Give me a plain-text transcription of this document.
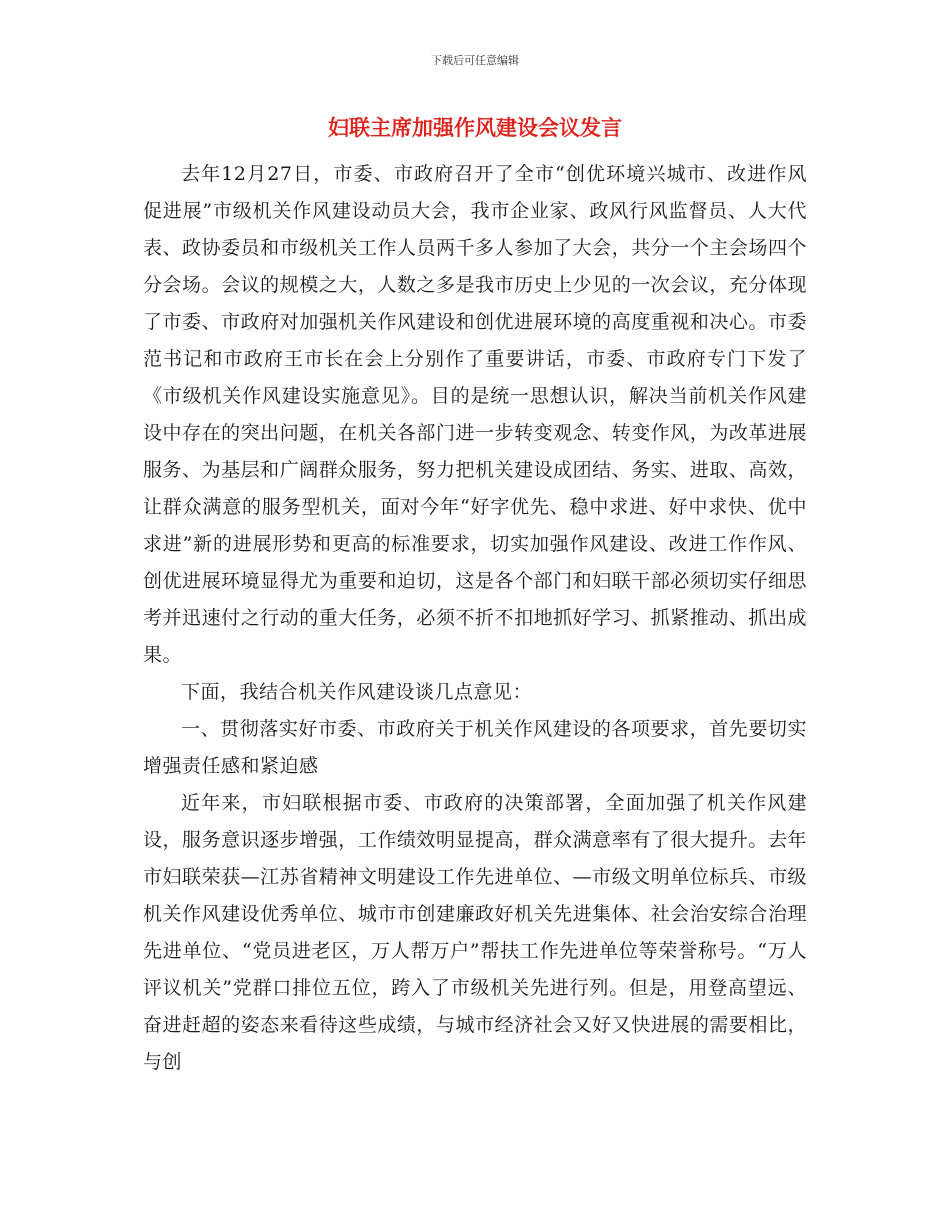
下载后可任意编辑
妇联主席加强作风建设会议发言

去年12月27日，市委、市政府召开了全市“创优环境兴城市、改进作风促进展”市级机关作风建设动员大会，我市企业家、政风行风监督员、人大代表、政协委员和市级机关工作人员两千多人参加了大会，共分一个主会场四个分会场。会议的规模之大，人数之多是我市历史上少见的一次会议，充分体现了市委、市政府对加强机关作风建设和创优进展环境的高度重视和决心。市委范书记和市政府王市长在会上分别作了重要讲话，市委、市政府专门下发了《市级机关作风建设实施意见》。目的是统一思想认识，解决当前机关作风建设中存在的突出问题，在机关各部门进一步转变观念、转变作风，为改革进展服务、为基层和广阔群众服务，努力把机关建设成团结、务实、进取、高效，让群众满意的服务型机关，面对今年“好字优先、稳中求进、好中求快、优中求进”新的进展形势和更高的标准要求，切实加强作风建设、改进工作作风、创优进展环境显得尤为重要和迫切，这是各个部门和妇联干部必须切实仔细思考并迅速付之行动的重大任务，必须不折不扣地抓好学习、抓紧推动、抓出成果。

下面，我结合机关作风建设谈几点意见：

一、贯彻落实好市委、市政府关于机关作风建设的各项要求，首先要切实增强责任感和紧迫感

近年来，市妇联根据市委、市政府的决策部署，全面加强了机关作风建设，服务意识逐步增强，工作绩效明显提高，群众满意率有了很大提升。去年市妇联荣获—江苏省精神文明建设工作先进单位、—市级文明单位标兵、市级机关作风建设优秀单位、城市市创建廉政好机关先进集体、社会治安综合治理先进单位、“党员进老区，万人帮万户”帮扶工作先进单位等荣誉称号。“万人评议机关”党群口排位五位，跨入了市级机关先进行列。但是，用登高望远、奋进赶超的姿态来看待这些成绩，与城市经济社会又好又快进展的需要相比，与创
